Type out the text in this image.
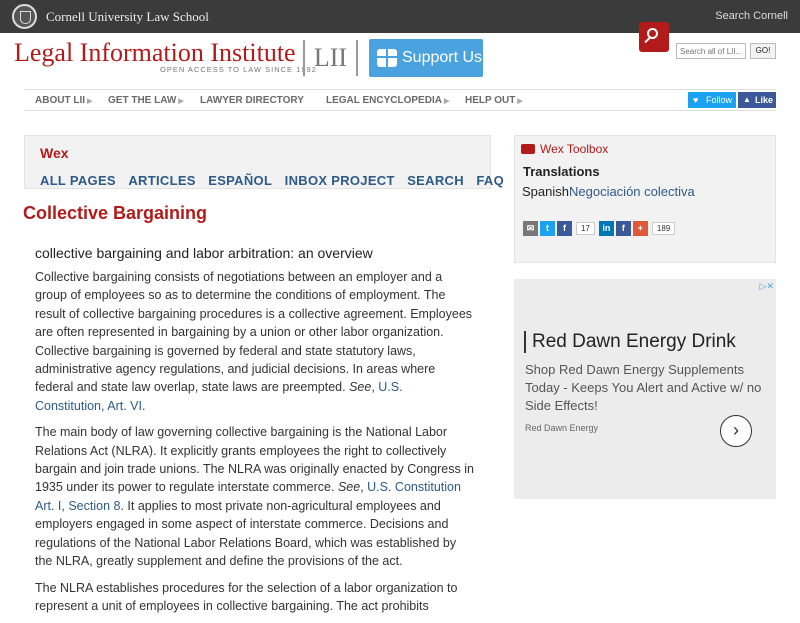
Cornell University Law School	Search Cornell
Legal Information Institute
OPEN ACCESS TO LAW SINCE 1992
LII	Support Us!
Search all of LII...	GO!
ABOUT LII ▶ GET THE LAW ▶ LAWYER DIRECTORY LEGAL ENCYCLOPEDIA ▶ HELP OUT ▶	♥ Follow	▲ Like
Wex
ALL PAGES ARTICLES ESPAÑOL INBOX PROJECT SEARCH FAQ
Collective Bargaining
collective bargaining and labor arbitration: an overview

Collective bargaining consists of negotiations between an employer and a group of employees so as to determine the conditions of employment. The result of collective bargaining procedures is a collective agreement. Employees are often represented in bargaining by a union or other labor organization. Collective bargaining is governed by federal and state statutory laws, administrative agency regulations, and judicial decisions. In areas where federal and state law overlap, state laws are preempted. See, U.S. Constitution, Art. VI.

The main body of law governing collective bargaining is the National Labor Relations Act (NLRA). It explicitly grants employees the right to collectively bargain and join trade unions. The NLRA was originally enacted by Congress in 1935 under its power to regulate interstate commerce. See, U.S. Constitution Art. I, Section 8. It applies to most private non-agricultural employees and employers engaged in some aspect of interstate commerce. Decisions and regulations of the National Labor Relations Board, which was established by the NLRA, greatly supplement and define the provisions of the act.

The NLRA establishes procedures for the selection of a labor organization to represent a unit of employees in collective bargaining. The act prohibits

Wex Toolbox
Translations
SpanishNegociación colectiva
✉ t f 17 in f + 189
▷✕
Red Dawn Energy Drink
Shop Red Dawn Energy Supplements Today - Keeps You Alert and Active w/ no Side Effects!
Red Dawn Energy	›
